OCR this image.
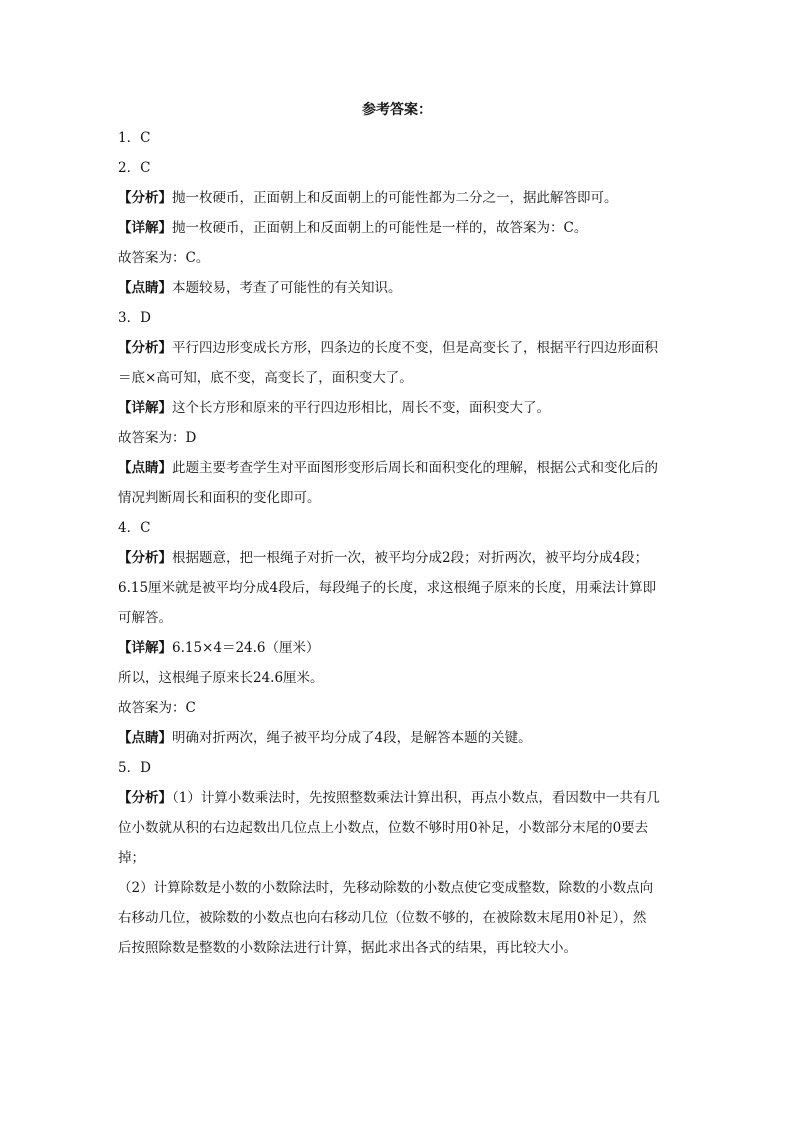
参考答案：
1．C
2．C
【分析】抛一枚硬币，正面朝上和反面朝上的可能性都为二分之一，据此解答即可。
【详解】抛一枚硬币，正面朝上和反面朝上的可能性是一样的，故答案为：C。
故答案为：C。
【点睛】本题较易，考查了可能性的有关知识。
3．D
【分析】平行四边形变成长方形，四条边的长度不变，但是高变长了，根据平行四边形面积
＝底×高可知，底不变，高变长了，面积变大了。
【详解】这个长方形和原来的平行四边形相比，周长不变，面积变大了。
故答案为：D
【点睛】此题主要考查学生对平面图形变形后周长和面积变化的理解，根据公式和变化后的
情况判断周长和面积的变化即可。
4．C
【分析】根据题意，把一根绳子对折一次，被平均分成2段；对折两次，被平均分成4段；
6.15厘米就是被平均分成4段后，每段绳子的长度，求这根绳子原来的长度，用乘法计算即
可解答。
【详解】6.15×4＝24.6（厘米）
所以，这根绳子原来长24.6厘米。
故答案为：C
【点睛】明确对折两次，绳子被平均分成了4段，是解答本题的关键。
5．D
【分析】（1）计算小数乘法时，先按照整数乘法计算出积，再点小数点，看因数中一共有几
位小数就从积的右边起数出几位点上小数点，位数不够时用0补足，小数部分末尾的0要去
掉；
（2）计算除数是小数的小数除法时，先移动除数的小数点使它变成整数，除数的小数点向
右移动几位，被除数的小数点也向右移动几位（位数不够的，在被除数末尾用0补足），然
后按照除数是整数的小数除法进行计算，据此求出各式的结果，再比较大小。
